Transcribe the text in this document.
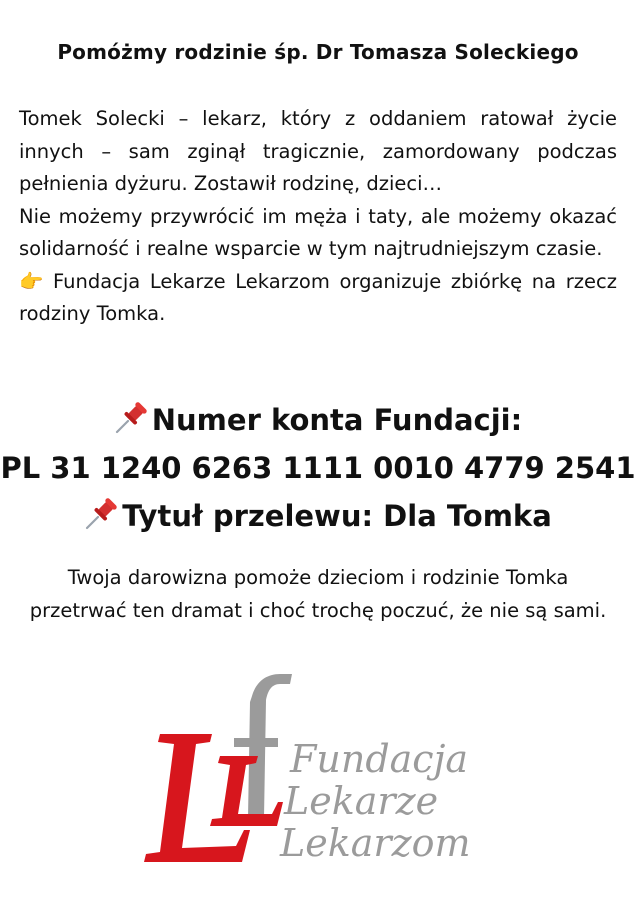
Pomóżmy rodzinie śp. Dr Tomasza Soleckiego

Tomek Solecki – lekarz, który z oddaniem ratował życie innych – sam zginął tragicznie, zamordowany podczas pełnienia dyżuru. Zostawił rodzinę, dzieci…

Nie możemy przywrócić im męża i taty, ale możemy okazać solidarność i realne wsparcie w tym najtrudniejszym czasie.

👉 Fundacja Lekarze Lekarzom organizuje zbiórkę na rzecz rodziny Tomka.

Numer konta Fundacji:
PL 31 1240 6263 1111 0010 4779 2541
Tytuł przelewu: Dla Tomka
Twoja darowizna pomoże dzieciom i rodzinie Tomka przetrwać ten dramat i choć trochę poczuć, że nie są sami.
Fundacja
Lekarze
Lekarzom
